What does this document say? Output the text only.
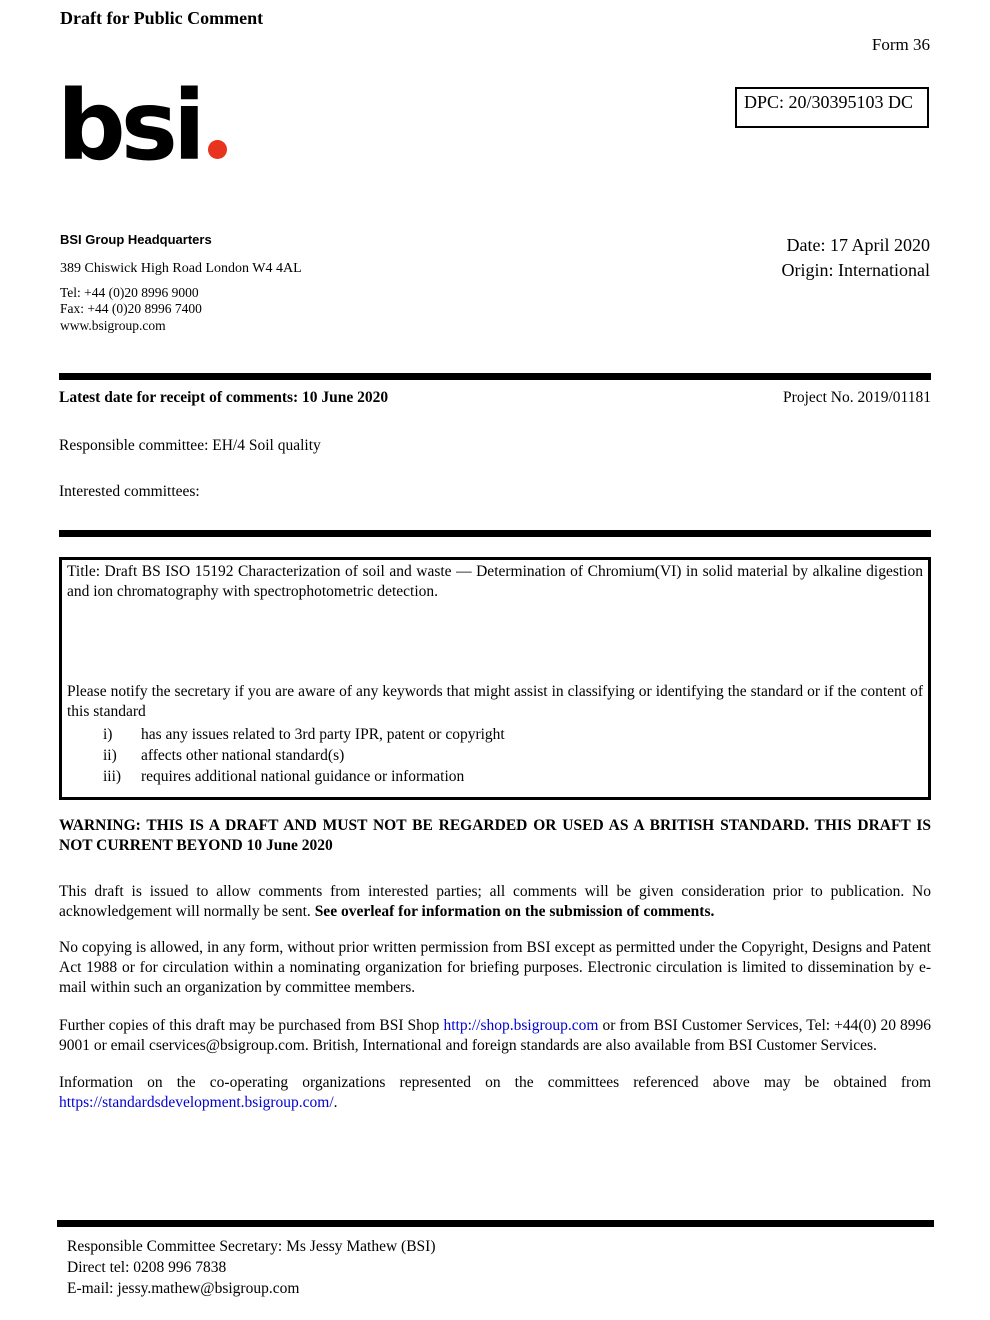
Draft for Public Comment
Form 36
DPC: 20/30395103 DC
bsi
BSI Group Headquarters
389 Chiswick High Road London W4 4AL
Tel: +44 (0)20 8996 9000
Fax: +44 (0)20 8996 7400
www.bsigroup.com
Date: 17 April 2020
Origin: International
Latest date for receipt of comments: 10 June 2020	Project No. 2019/01181

Responsible committee: EH/4 Soil quality

Interested committees:

Title: Draft BS ISO 15192 Characterization of soil and waste — Determination of Chromium(VI) in solid material by alkaline digestion and ion chromatography with spectrophotometric detection.

Please notify the secretary if you are aware of any keywords that might assist in classifying or identifying the standard or if the content of this standard

i)	has any issues related to 3rd party IPR, patent or copyright
ii)	affects other national standard(s)
iii)	requires additional national guidance or information

WARNING: THIS IS A DRAFT AND MUST NOT BE REGARDED OR USED AS A BRITISH STANDARD. THIS DRAFT IS NOT CURRENT BEYOND 10 June 2020

This draft is issued to allow comments from interested parties; all comments will be given consideration prior to publication. No acknowledgement will normally be sent. See overleaf for information on the submission of comments.

No copying is allowed, in any form, without prior written permission from BSI except as permitted under the Copyright, Designs and Patent Act 1988 or for circulation within a nominating organization for briefing purposes. Electronic circulation is limited to dissemination by e-mail within such an organization by committee members.

Further copies of this draft may be purchased from BSI Shop http://shop.bsigroup.com or from BSI Customer Services, Tel: +44(0) 20 8996 9001 or email cservices@bsigroup.com. British, International and foreign standards are also available from BSI Customer Services.

Information on the co-operating organizations represented on the committees referenced above may be obtained from https://standardsdevelopment.bsigroup.com/.

Responsible Committee Secretary: Ms Jessy Mathew (BSI)

Direct tel: 0208 996 7838

E-mail: jessy.mathew@bsigroup.com
